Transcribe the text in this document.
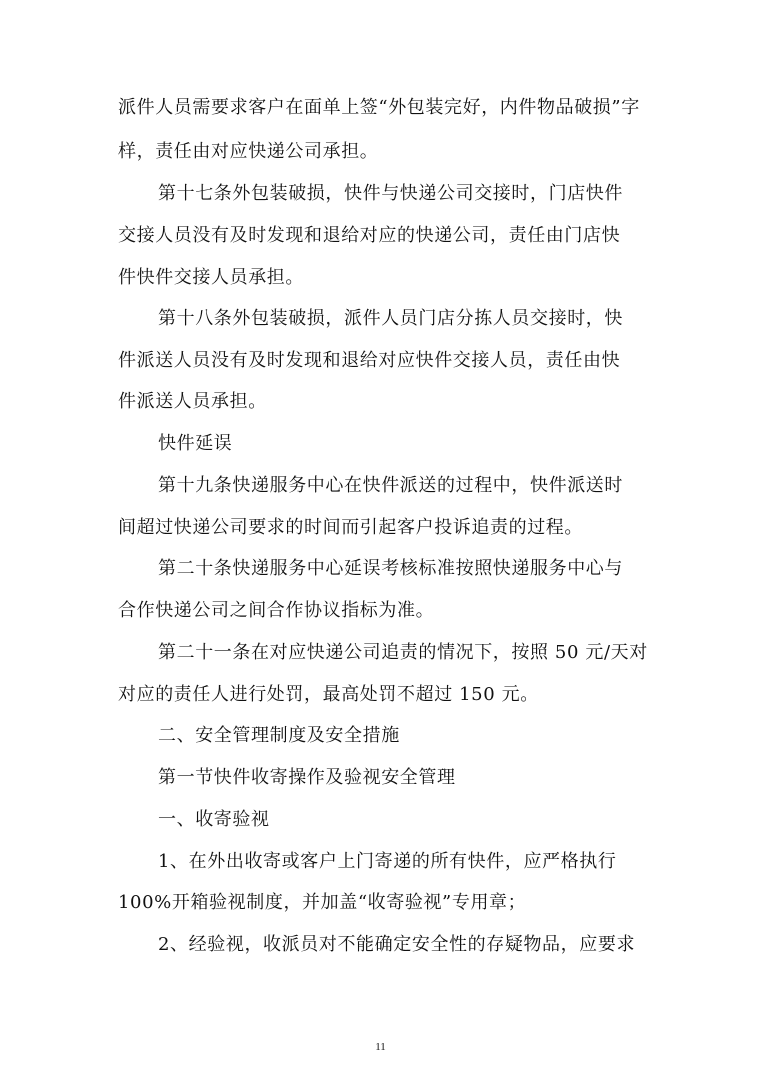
派件人员需要求客户在面单上签“外包装完好，内件物品破损”字
样，责任由对应快递公司承担。
第十七条外包装破损，快件与快递公司交接时，门店快件
交接人员没有及时发现和退给对应的快递公司，责任由门店快
件快件交接人员承担。
第十八条外包装破损，派件人员门店分拣人员交接时，快
件派送人员没有及时发现和退给对应快件交接人员，责任由快
件派送人员承担。
快件延误
第十九条快递服务中心在快件派送的过程中，快件派送时
间超过快递公司要求的时间而引起客户投诉追责的过程。
第二十条快递服务中心延误考核标准按照快递服务中心与
合作快递公司之间合作协议指标为准。
第二十一条在对应快递公司追责的情况下，按照 50 元/天对
对应的责任人进行处罚，最高处罚不超过 150 元。
二、安全管理制度及安全措施
第一节快件收寄操作及验视安全管理
一、收寄验视
1、在外出收寄或客户上门寄递的所有快件，应严格执行
100%开箱验视制度，并加盖“收寄验视”专用章；
2、经验视，收派员对不能确定安全性的存疑物品，应要求
11
